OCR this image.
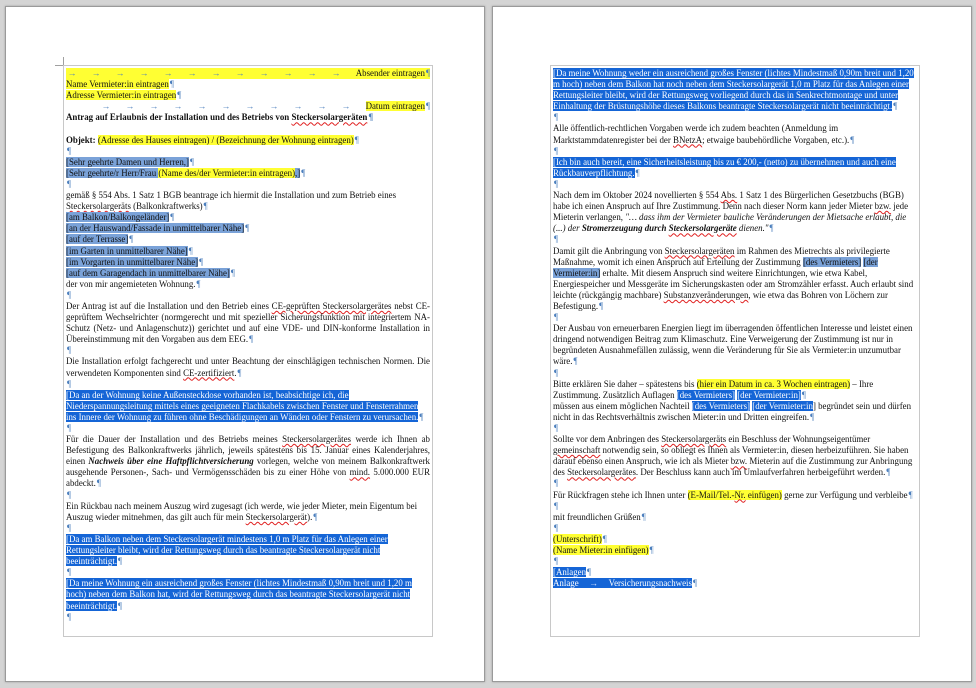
→ → → → → → → → → → → → Absender eintragen¶

Name Vermieter:in eintragen¶

Adresse Vermieter:in eintragen¶

→ → → → → → → → → → → Datum eintragen¶

Antrag auf Erlaubnis der Installation und des Betriebs von Steckersolargeräten¶

Objekt: (Adresse des Hauses eintragen) / (Bezeichnung der Wohnung eintragen)¶

¶

[Sehr geehrte Damen und Herren,]¶

[Sehr geehrte/r Herr/Frau (Name des/der Vermieter:in eintragen),]¶

¶

gemäß § 554 Abs. 1 Satz 1 BGB beantrage ich hiermit die Installation und zum Betrieb eines Steckersolargeräts (Balkonkraftwerks)¶

[am Balkon/Balkongeländer]¶

[an der Hauswand/Fassade in unmittelbarer Nähe]¶

[auf der Terrasse]¶

[im Garten in unmittelbarer Nähe]¶

[im Vorgarten in unmittelbarer Nähe]¶

[auf dem Garagendach in unmittelbarer Nähe]¶

der von mir angemieteten Wohnung.¶

¶

Der Antrag ist auf die Installation und den Betrieb eines CE-geprüften Steckersolargerätes nebst CE-geprüftem Wechselrichter (normgerecht und mit spezieller Sicherungsfunktion mit integriertem NA-Schutz (Netz- und Anlagenschutz)) gerichtet und auf eine VDE- und DIN-konforme Installation in Übereinstimmung mit den Vorgaben aus dem EEG.¶

¶

Die Installation erfolgt fachgerecht und unter Beachtung der einschlägigen technischen Normen. Die verwendeten Komponenten sind CE-zertifiziert.¶

¶

[Da an der Wohnung keine Außensteckdose vorhanden ist, beabsichtige ich, die Niederspannungsleitung mittels eines geeigneten Flachkabels zwischen Fenster und Fensterrahmen ins Innere der Wohnung zu führen ohne Beschädigungen an Wänden oder Fenstern zu verursachen.¶

¶

Für die Dauer der Installation und des Betriebs meines Steckersolargerätes werde ich Ihnen ab Befestigung des Balkonkraftwerks jährlich, jeweils spätestens bis 15. Januar eines Kalenderjahres, einen Nachweis über eine Haftpflichtversicherung vorlegen, welche von meinem Balkonkraftwerk ausgehende Personen-, Sach- und Vermögensschäden bis zu einer Höhe von mind. 5.000.000 EUR abdeckt.¶

¶

Ein Rückbau nach meinem Auszug wird zugesagt (ich werde, wie jeder Mieter, mein Eigentum bei Auszug wieder mitnehmen, das gilt auch für mein Steckersolargerät).¶

¶

[Da am Balkon neben dem Steckersolargerät mindestens 1,0 m Platz für das Anlegen einer Rettungsleiter bleibt, wird der Rettungsweg durch das beantragte Steckersolargerät nicht beeinträchtigt.¶

¶

[Da meine Wohnung ein ausreichend großes Fenster (lichtes Mindestmaß 0,90m breit und 1,20 m hoch) neben dem Balkon hat, wird der Rettungsweg durch das beantragte Steckersolargerät nicht beeinträchtigt.¶

¶

[Da meine Wohnung weder ein ausreichend großes Fenster (lichtes Mindestmaß 0,90m breit und 1,20 m hoch) neben dem Balkon hat noch neben dem Steckersolargerät 1,0 m Platz für das Anlegen einer Rettungsleiter bleibt, wird der Rettungsweg vorliegend durch das in Senkrechtmontage und unter Einhaltung der Brüstungshöhe dieses Balkons beantragte Steckersolargerät nicht beeinträchtigt.¶

¶

Alle öffentlich-rechtlichen Vorgaben werde ich zudem beachten (Anmeldung im Marktstammdatenregister bei der BNetzA; etwaige baubehördliche Vorgaben, etc.).¶

¶

[Ich bin auch bereit, eine Sicherheitsleistung bis zu € 200,- (netto) zu übernehmen und auch eine Rückbauverpflichtung.¶

¶

Nach dem im Oktober 2024 novellierten § 554 Abs. 1 Satz 1 des Bürgerlichen Gesetzbuchs (BGB) habe ich einen Anspruch auf Ihre Zustimmung. Denn nach dieser Norm kann jeder Mieter bzw. jede Mieterin verlangen, "… dass ihm der Vermieter bauliche Veränderungen der Mietsache erlaubt, die (...) der Stromerzeugung durch Steckersolargeräte dienen."¶

¶

Damit gilt die Anbringung von Steckersolargeräten im Rahmen des Mietrechts als privilegierte Maßnahme, womit ich einen Anspruch auf Erteilung der Zustimmung [des Vermieters] [der Vermieter:in] erhalte. Mit diesem Anspruch sind weitere Einrichtungen, wie etwa Kabel, Energiespeicher und Messgeräte im Sicherungskasten oder am Stromzähler erfasst. Auch erlaubt sind leichte (rückgängig machbare) Substanzveränderungen, wie etwa das Bohren von Löchern zur Befestigung.¶

¶

Der Ausbau von erneuerbaren Energien liegt im überragenden öffentlichen Interesse und leistet einen dringend notwendigen Beitrag zum Klimaschutz. Eine Verweigerung der Zustimmung ist nur in begründeten Ausnahmefällen zulässig, wenn die Veränderung für Sie als Vermieter:in unzumutbar wäre.¶

¶

Bitte erklären Sie daher – spätestens bis (hier ein Datum in ca. 3 Wochen eintragen) – Ihre Zustimmung. Zusätzlich Auflagen [des Vermieters] [der Vermieter:in]¶
müssen aus einem möglichen Nachteil [des Vermieters] [der Vermieter:in] begründet sein und dürfen nicht in das Rechtsverhältnis zwischen Mieter:in und Dritten eingreifen.¶

¶

Sollte vor dem Anbringen des Steckersolargeräts ein Beschluss der Wohnungseigentümer
gemeinschaft notwendig sein, so obliegt es Ihnen als Vermieter:in, diesen herbeizuführen. Sie haben darauf ebenso einen Anspruch, wie ich als Mieter bzw. Mieterin auf die Zustimmung zur Anbringung des Steckersolargerätes. Der Beschluss kann auch im Umlaufverfahren herbeigeführt werden.¶

¶

Für Rückfragen stehe ich Ihnen unter (E-Mail/Tel.-Nr. einfügen) gerne zur Verfügung und verbleibe¶

¶

mit freundlichen Grüßen¶

¶

(Unterschrift)¶

(Name Mieter:in einfügen)¶

¶

[Anlagen¶

Anlage → Versicherungsnachweis¶
